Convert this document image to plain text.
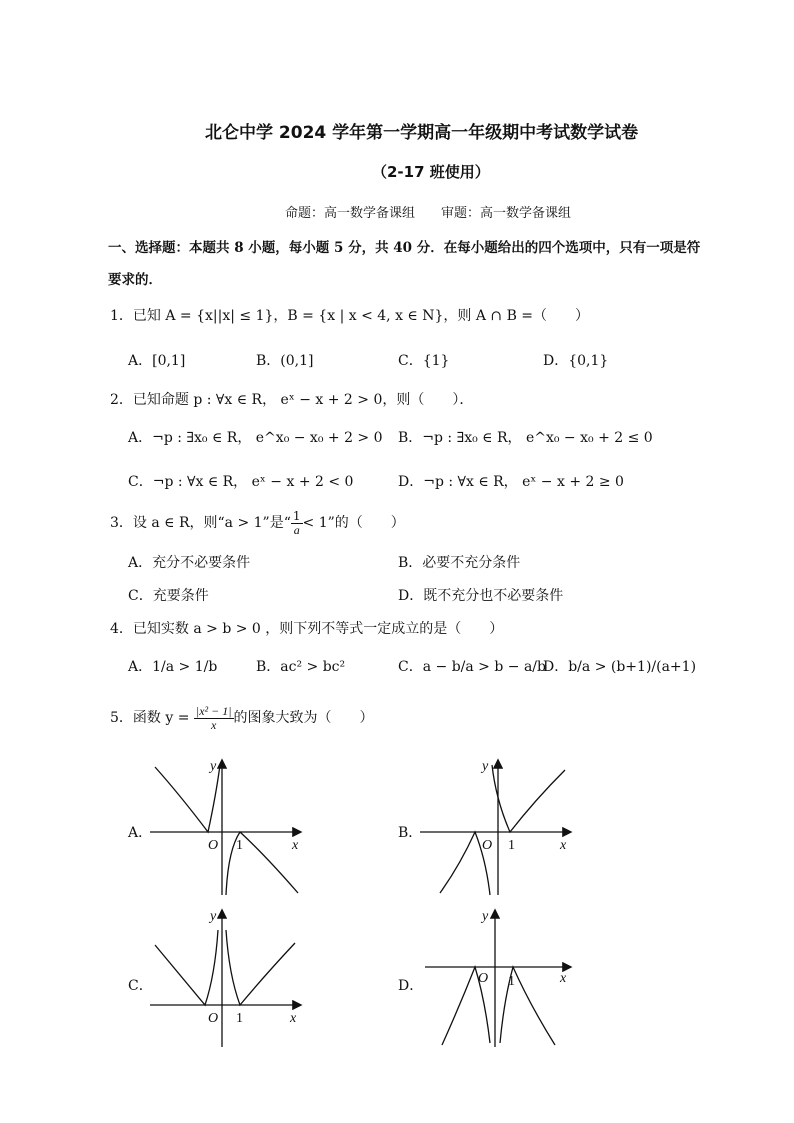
北仑中学 2024 学年第一学期高一年级期中考试数学试卷
（2-17 班使用）
命题：高一数学备课组　　审题：高一数学备课组
一、选择题：本题共 8 小题，每小题 5 分，共 40 分．在每小题给出的四个选项中，只有一项是符
要求的．
1．已知 A = {x||x| ≤ 1}，B = {x | x < 4, x ∈ N}，则 A ∩ B =（　　）
A．[0,1]	B．(0,1]	C．{1}	D．{0,1}
2．已知命题 p : ∀x ∈ R， eˣ − x + 2 > 0，则（　　）．
A．¬p : ∃x₀ ∈ R， e^x₀ − x₀ + 2 > 0 B．¬p : ∃x₀ ∈ R， e^x₀ − x₀ + 2 ≤ 0
C．¬p : ∀x ∈ R， eˣ − x + 2 < 0	D．¬p : ∀x ∈ R， eˣ − x + 2 ≥ 0
3．设 a ∈ R，则“a > 1”是“ $\frac{1}{a} < 1$”的（　　）
A．充分不必要条件	B．必要不充分条件
C．充要条件	D．既不充分也不必要条件
4．已知实数 a > b > 0 ，则下列不等式一定成立的是（　　）
A．1/a > 1/b	B．ac² > bc²	C．a − b/a > b − a/b
D．b/a > (b+1)/(a+1)
5．函数 $y = \frac{\text{|x² − 1|}}{x}$ 的图象大致为（　　）
A．
O 1	x
y
B．
O 1	x
y
C．
O 1	x
y
D．	O 1	x
y
